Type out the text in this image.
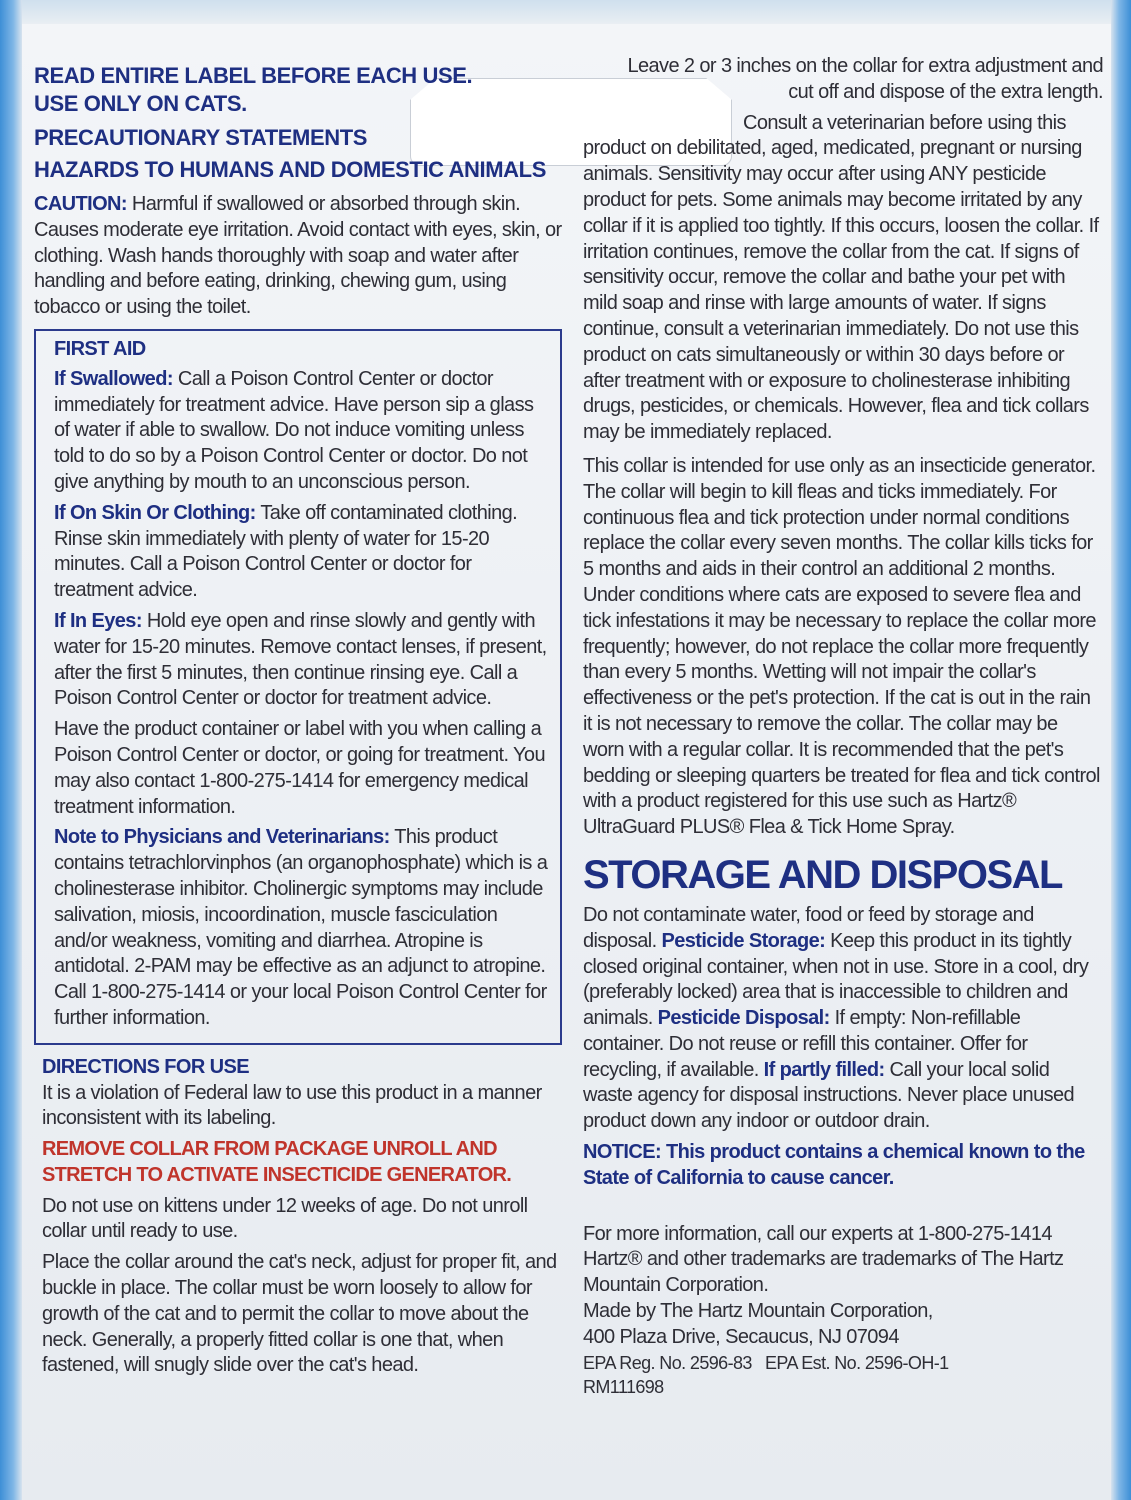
READ ENTIRE LABEL BEFORE EACH USE.
USE ONLY ON CATS.
PRECAUTIONARY STATEMENTS
HAZARDS TO HUMANS AND DOMESTIC ANIMALS

CAUTION: Harmful if swallowed or absorbed through skin. Causes moderate eye irritation. Avoid contact with eyes, skin, or clothing. Wash hands thoroughly with soap and water after handling and before eating, drinking, chewing gum, using tobacco or using the toilet.

FIRST AID

If Swallowed: Call a Poison Control Center or doctor immediately for treatment advice. Have person sip a glass of water if able to swallow. Do not induce vomiting unless told to do so by a Poison Control Center or doctor. Do not give anything by mouth to an unconscious person.

If On Skin Or Clothing: Take off contaminated clothing. Rinse skin immediately with plenty of water for 15-20 minutes. Call a Poison Control Center or doctor for treatment advice.

If In Eyes: Hold eye open and rinse slowly and gently with water for 15-20 minutes. Remove contact lenses, if present, after the first 5 minutes, then continue rinsing eye. Call a Poison Control Center or doctor for treatment advice.

Have the product container or label with you when calling a Poison Control Center or doctor, or going for treatment. You may also contact 1-800-275-1414 for emergency medical treatment information.

Note to Physicians and Veterinarians: This product contains tetrachlorvinphos (an organophosphate) which is a cholinesterase inhibitor. Cholinergic symptoms may include salivation, miosis, incoordination, muscle fasciculation and/or weakness, vomiting and diarrhea. Atropine is antidotal. 2-PAM may be effective as an adjunct to atropine. Call 1-800-275-1414 or your local Poison Control Center for further information.

DIRECTIONS FOR USE

It is a violation of Federal law to use this product in a manner inconsistent with its labeling.

REMOVE COLLAR FROM PACKAGE UNROLL AND STRETCH TO ACTIVATE INSECTICIDE GENERATOR.

Do not use on kittens under 12 weeks of age. Do not unroll collar until ready to use.

Place the collar around the cat's neck, adjust for proper fit, and buckle in place. The collar must be worn loosely to allow for growth of the cat and to permit the collar to move about the neck. Generally, a properly fitted collar is one that, when fastened, will snugly slide over the cat's head.

Leave 2 or 3 inches on the collar for extra adjustment and cut off and dispose of the extra length.

Consult a veterinarian before using this product on debilitated, aged, medicated, pregnant or nursing animals. Sensitivity may occur after using ANY pesticide product for pets. Some animals may become irritated by any collar if it is applied too tightly. If this occurs, loosen the collar. If irritation continues, remove the collar from the cat. If signs of sensitivity occur, remove the collar and bathe your pet with mild soap and rinse with large amounts of water. If signs continue, consult a veterinarian immediately. Do not use this product on cats simultaneously or within 30 days before or after treatment with or exposure to cholinesterase inhibiting drugs, pesticides, or chemicals. However, flea and tick collars may be immediately replaced.

This collar is intended for use only as an insecticide generator. The collar will begin to kill fleas and ticks immediately. For continuous flea and tick protection under normal conditions replace the collar every seven months. The collar kills ticks for 5 months and aids in their control an additional 2 months. Under conditions where cats are exposed to severe flea and tick infestations it may be necessary to replace the collar more frequently; however, do not replace the collar more frequently than every 5 months. Wetting will not impair the collar's effectiveness or the pet's protection. If the cat is out in the rain it is not necessary to remove the collar. The collar may be worn with a regular collar. It is recommended that the pet's bedding or sleeping quarters be treated for flea and tick control with a product registered for this use such as Hartz® UltraGuard PLUS® Flea & Tick Home Spray.

STORAGE AND DISPOSAL

Do not contaminate water, food or feed by storage and disposal. Pesticide Storage: Keep this product in its tightly closed original container, when not in use. Store in a cool, dry (preferably locked) area that is inaccessible to children and animals. Pesticide Disposal: If empty: Non-refillable container. Do not reuse or refill this container. Offer for recycling, if available. If partly filled: Call your local solid waste agency for disposal instructions. Never place unused product down any indoor or outdoor drain.

NOTICE: This product contains a chemical known to the State of California to cause cancer.

For more information, call our experts at 1-800-275-1414

Hartz® and other trademarks are trademarks of The Hartz Mountain Corporation.

Made by The Hartz Mountain Corporation,

400 Plaza Drive, Secaucus, NJ 07094

EPA Reg. No. 2596-83   EPA Est. No. 2596-OH-1

RM111698
